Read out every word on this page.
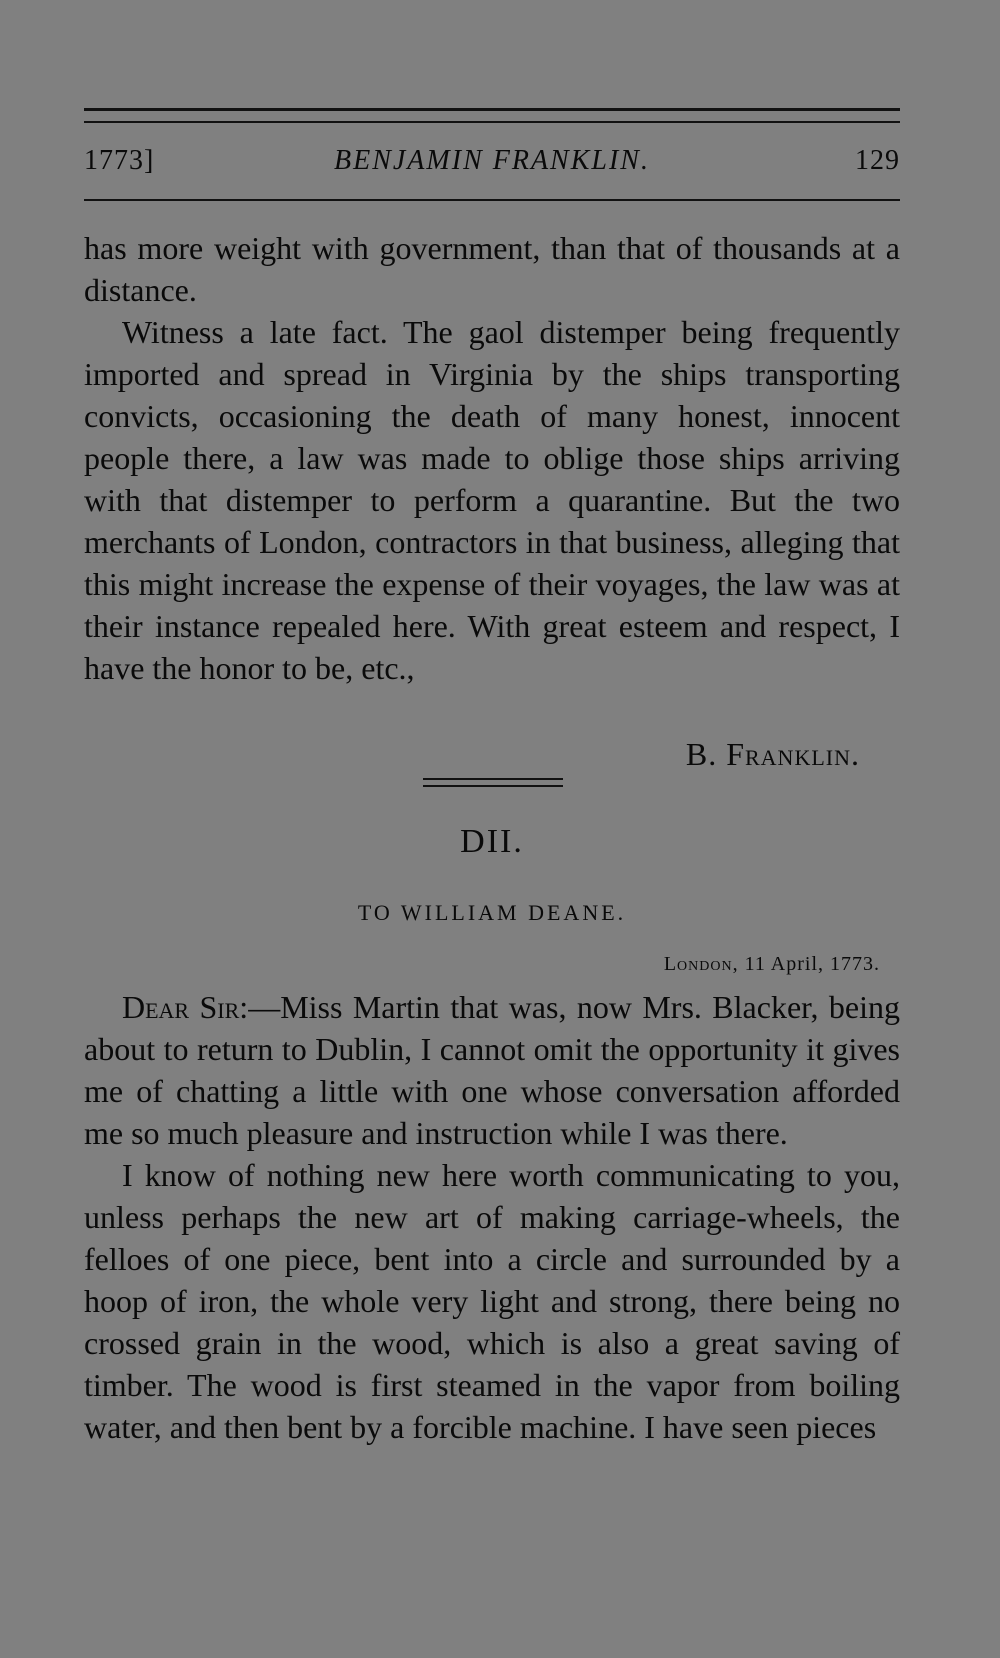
1773]	BENJAMIN FRANKLIN.	129

has more weight with government, than that of thousands at a distance.

Witness a late fact. The gaol distemper being frequently imported and spread in Virginia by the ships transporting convicts, occasioning the death of many honest, innocent people there, a law was made to oblige those ships arriving with that distemper to perform a quarantine. But the two merchants of London, contractors in that business, alleging that this might increase the expense of their voyages, the law was at their instance repealed here. With great esteem and respect, I have the honor to be, etc.,

B. Franklin.
DII.
TO WILLIAM DEANE.
London, 11 April, 1773.

Dear Sir:—Miss Martin that was, now Mrs. Blacker, being about to return to Dublin, I cannot omit the opportunity it gives me of chatting a little with one whose conversation afforded me so much pleasure and instruction while I was there.

I know of nothing new here worth communicating to you, unless perhaps the new art of making carriage-wheels, the felloes of one piece, bent into a circle and surrounded by a hoop of iron, the whole very light and strong, there being no crossed grain in the wood, which is also a great saving of timber. The wood is first steamed in the vapor from boiling water, and then bent by a forcible machine. I have seen pieces
